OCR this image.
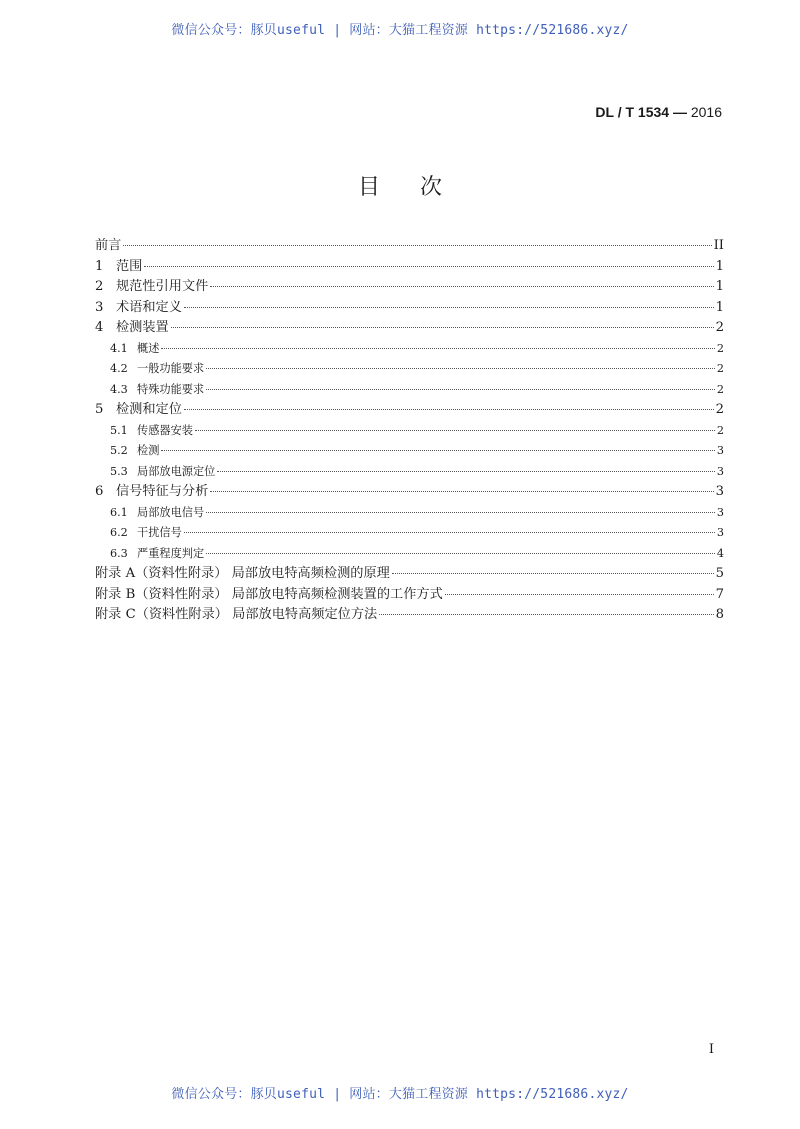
微信公众号：豚贝useful | 网站：大猫工程资源 https://521686.xyz/
DL / T 1534 — 2016
目次
前言	II
1 范围	1
2 规范性引用文件	1
3 术语和定义	1
4 检测装置	2
4.1 概述	2
4.2 一般功能要求	2
4.3 特殊功能要求	2
5 检测和定位	2
5.1 传感器安装	2
5.2 检测	3
5.3 局部放电源定位	3
6 信号特征与分析	3
6.1 局部放电信号	3
6.2 干扰信号	3
6.3 严重程度判定	4
附录 A（资料性附录） 局部放电特高频检测的原理	5
附录 B（资料性附录） 局部放电特高频检测装置的工作方式	7
附录 C（资料性附录） 局部放电特高频定位方法	8
I
微信公众号：豚贝useful | 网站：大猫工程资源 https://521686.xyz/
